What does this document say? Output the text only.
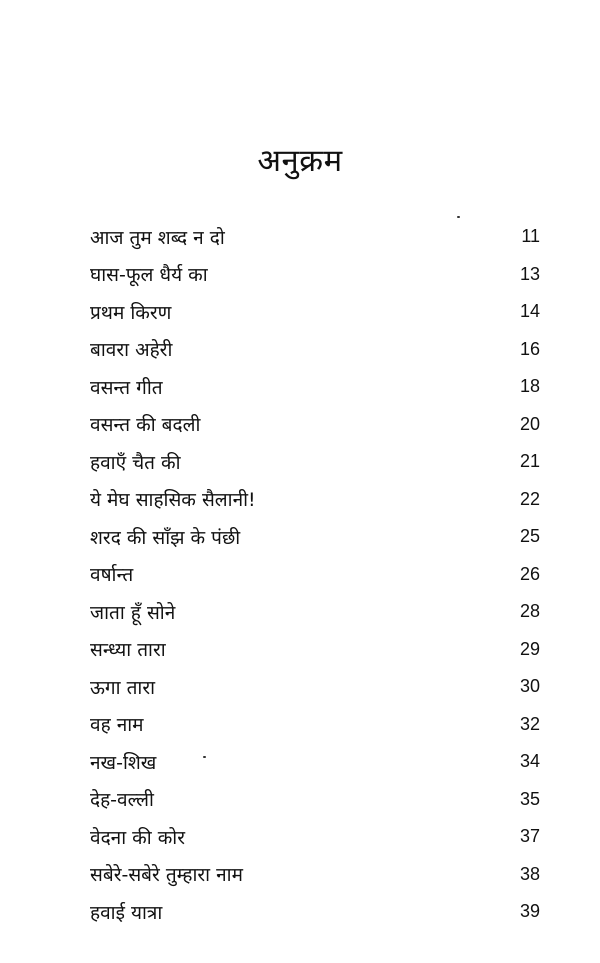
अनुक्रम
आज तुम शब्द न दो	11
घास-फूल धैर्य का	13
प्रथम किरण	14
बावरा अहेरी	16
वसन्त गीत	18
वसन्त की बदली	20
हवाएँ चैत की	21
ये मेघ साहसिक सैलानी!	22
शरद की साँझ के पंछी	25
वर्षान्त	26
जाता हूँ सोने	28
सन्ध्या तारा	29
ऊगा तारा	30
वह नाम	32
नख-शिख	34
देह-वल्ली	35
वेदना की कोर	37
सबेरे-सबेरे तुम्हारा नाम	38
हवाई यात्रा	39
